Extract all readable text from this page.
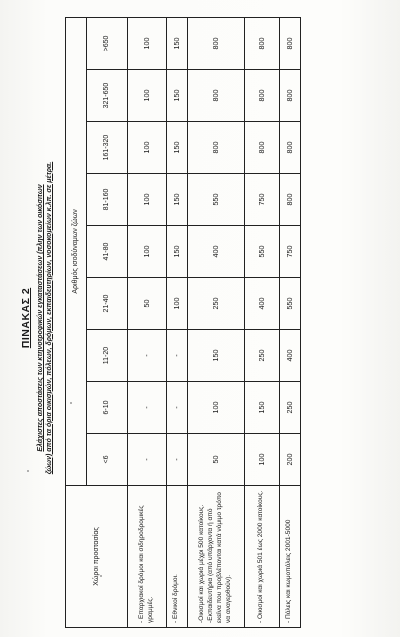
ΠΙΝΑΚΑΣ 2 Ελάχιστες αποστάσεις των κτηνοτροφικών εγκαταστάσεων (πλην των οικόσιτων ζώων) από τα όρια οικισμών, πόλεων, δρόμων, εκπαιδευτηρίων, νοσοκομείων κ.λπ. σε μέτρα.
Χώροι προστασίας	Αριθμός ισοδύναμων ζώων								
	<6	6-10	11-20	21-40	41-80	81-160	161-320	321-650	>650
- Επαρχιακοί δρόμοι και σιδηροδρομικές γραμμές.	-	-	-	50	100	100	100	100	100
- Εθνικοί δρόμοι.	-	-	-	100	150	150	150	150	150
-Οικισμοί και χωριά μέχρι 500 κατοίκους. -Εκπαιδευτήρια (από υπάρχοντα ή από εκείνα που προβλέπονται κατά νόμιμο τρόπο να αναγερθούν).	50	100	150	250	400	550	800	800	800
- Οικισμοί και χωριά 501 έως 2000 κατοίκους.	100	150	250	400	550	750	800	800	800
- Πόλεις και κωμοπόλεις 2001-5000	200	250	400	550	750	800	800	800	800
